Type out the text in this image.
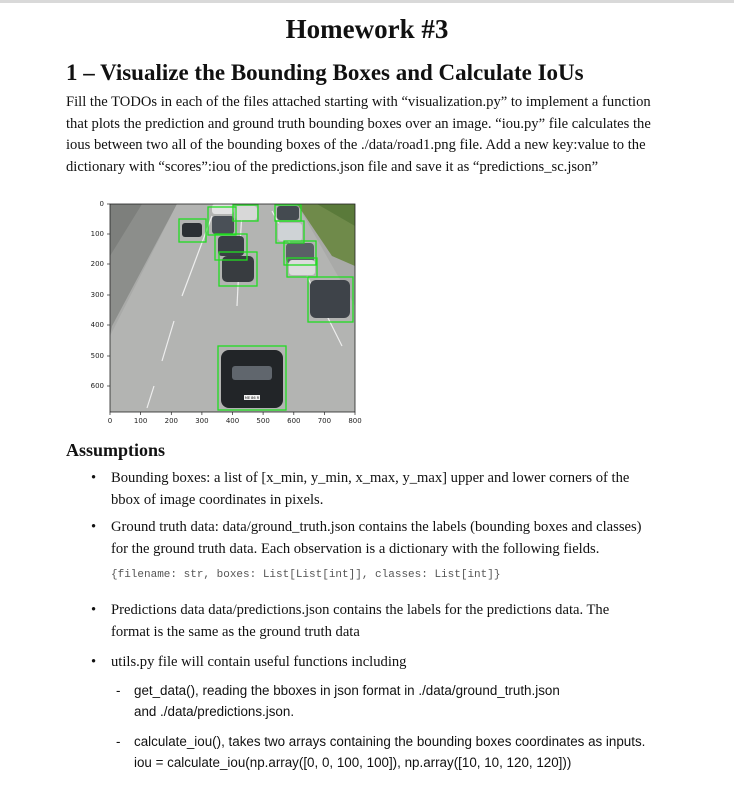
Homework #3
1 – Visualize the Bounding Boxes and Calculate IoUs
Fill the TODOs in each of the files attached starting with “visualization.py” to implement a function that plots the prediction and ground truth bounding boxes over an image. “iou.py” file calculates the ious between two all of the bounding boxes of the ./data/road1.png file. Add a new key:value to the dictionary with “scores”:iou of the predictions.json file and save it as “predictions_sc.json”
ME 86 R
0
100
200
300
400
500
600
0	100 200 300 400 500 600 700 800
Assumptions
• Bounding boxes: a list of [x_min, y_min, x_max, y_max] upper and lower corners of the
bbox of image coordinates in pixels.
• Ground truth data: data/ground_truth.json contains the labels (bounding boxes and classes)
for the ground truth data. Each observation is a dictionary with the following fields.
{filename: str, boxes: List[List[int]], classes: List[int]}
• Predictions data data/predictions.json contains the labels for the predictions data. The
format is the same as the ground truth data
• utils.py file will contain useful functions including
- get_data(), reading the bboxes in json format in ./data/ground_truth.json
and ./data/predictions.json.
- calculate_iou(), takes two arrays containing the bounding boxes coordinates as inputs.
iou = calculate_iou(np.array([0, 0, 100, 100]), np.array([10, 10, 120, 120]))
